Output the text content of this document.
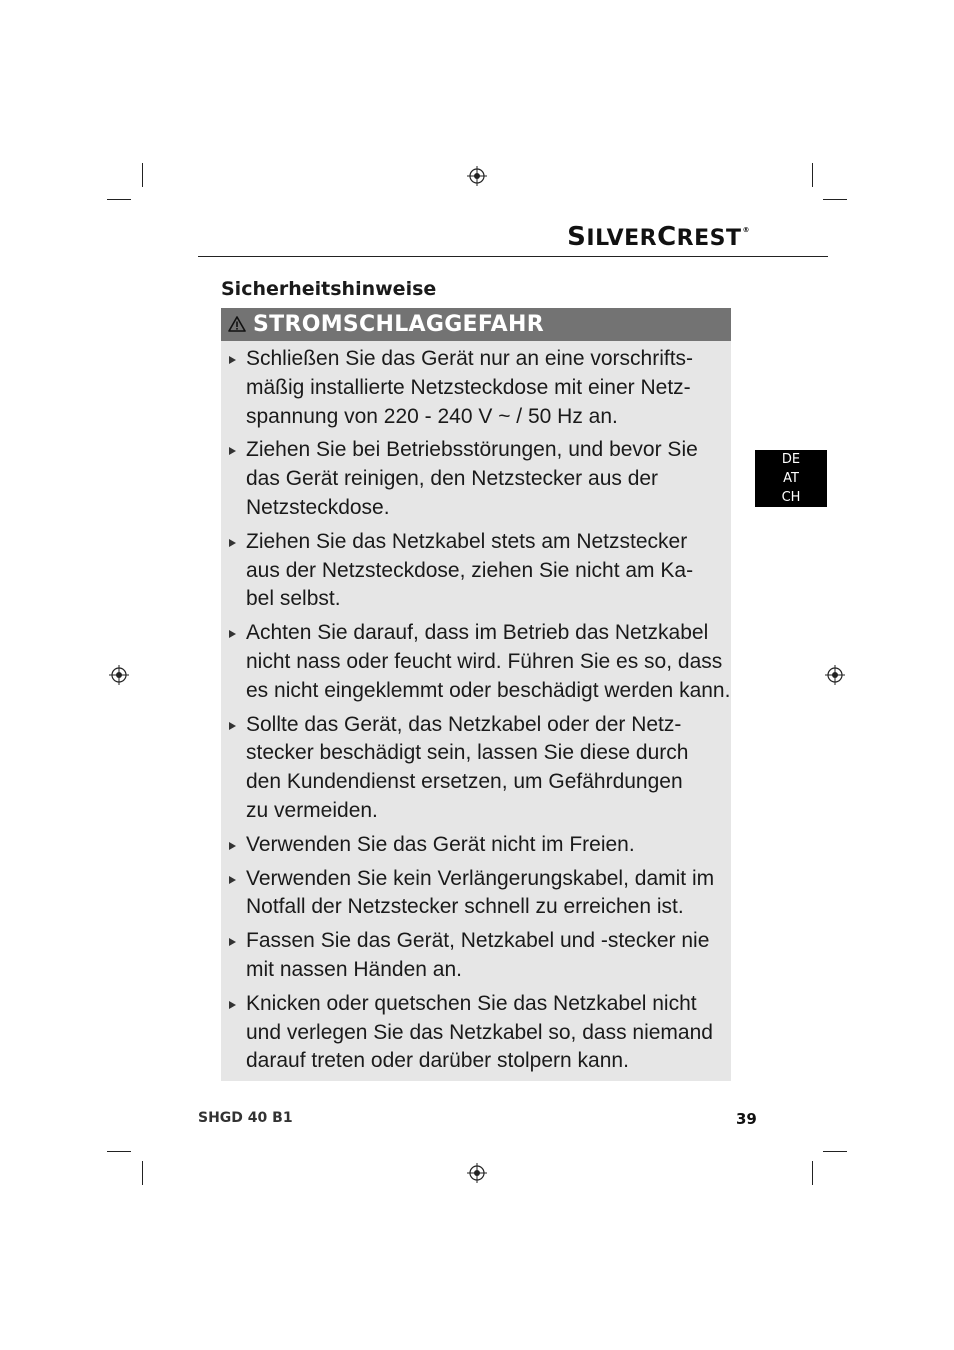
SILVERCREST®
Sicherheitshinweise
DE
AT
CH
STROMSCHLAGGEFAHR
Schließen Sie das Gerät nur an eine vorschrifts-
mäßig installierte Netzsteckdose mit einer Netz-
spannung von 220 - 240 V ~ / 50 Hz an.
Ziehen Sie bei Betriebsstörungen, und bevor Sie
das Gerät reinigen, den Netzstecker aus der
Netzsteckdose.
Ziehen Sie das Netzkabel stets am Netzstecker
aus der Netzsteckdose, ziehen Sie nicht am Ka-
bel selbst.
Achten Sie darauf, dass im Betrieb das Netzkabel
nicht nass oder feucht wird. Führen Sie es so, dass
es nicht eingeklemmt oder beschädigt werden kann.
Sollte das Gerät, das Netzkabel oder der Netz-
stecker beschädigt sein, lassen Sie diese durch
den Kundendienst ersetzen, um Gefährdungen
zu vermeiden.
Verwenden Sie das Gerät nicht im Freien.
Verwenden Sie kein Verlängerungskabel, damit im
Notfall der Netzstecker schnell zu erreichen ist.
Fassen Sie das Gerät, Netzkabel und -stecker nie
mit nassen Händen an.
Knicken oder quetschen Sie das Netzkabel nicht
und verlegen Sie das Netzkabel so, dass niemand
darauf treten oder darüber stolpern kann.
SHGD 40 B1	39
